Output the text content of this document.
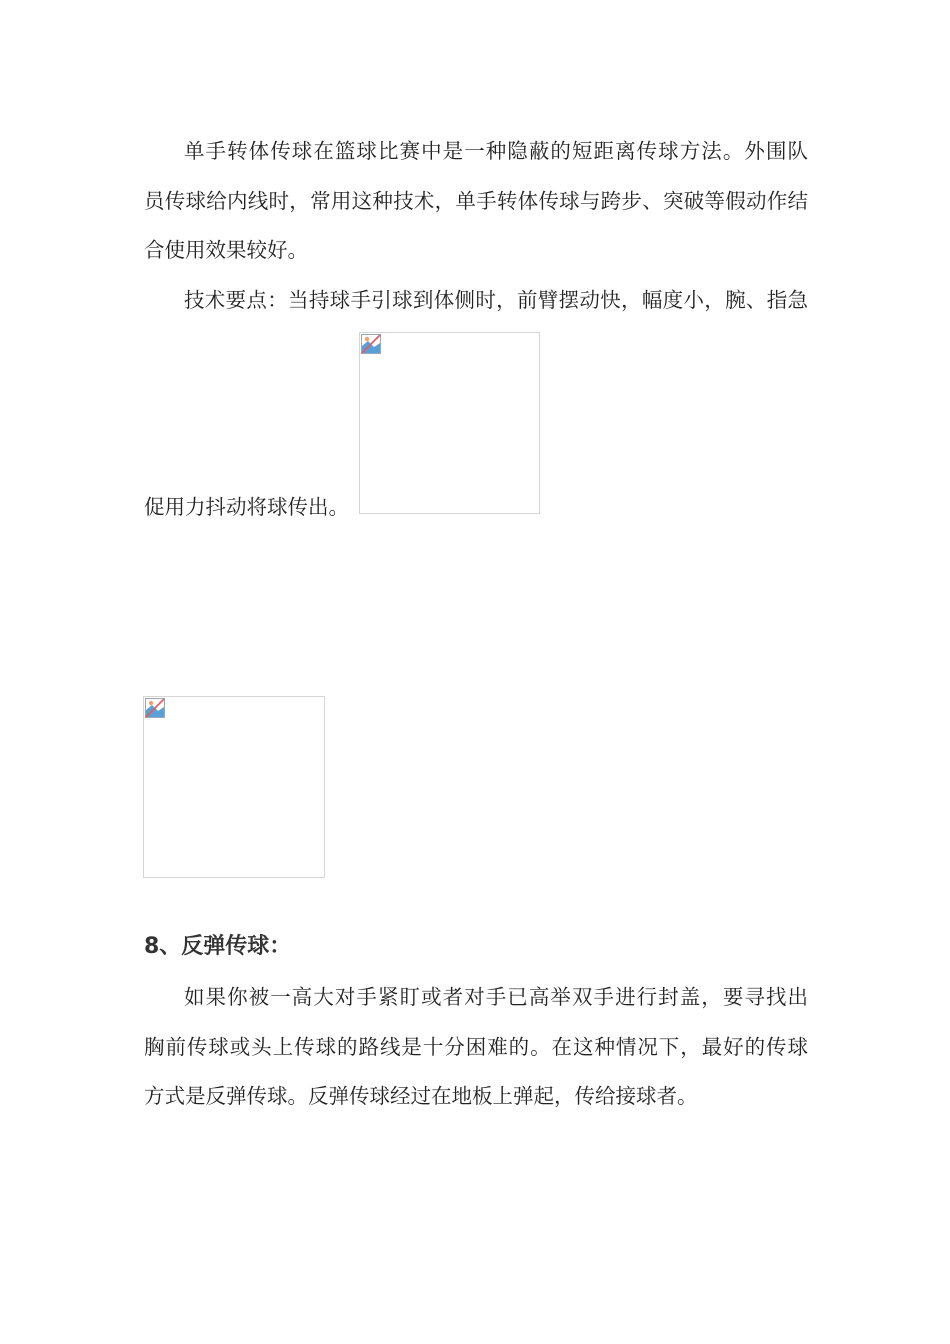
单手转体传球在篮球比赛中是一种隐蔽的短距离传球方法。外围队
员传球给内线时，常用这种技术，单手转体传球与跨步、突破等假动作结
合使用效果较好。
技术要点：当持球手引球到体侧时，前臂摆动快，幅度小，腕、指急
促用力抖动将球传出。
8、反弹传球：
如果你被一高大对手紧盯或者对手已高举双手进行封盖，要寻找出
胸前传球或头上传球的路线是十分困难的。在这种情况下，最好的传球
方式是反弹传球。反弹传球经过在地板上弹起，传给接球者。
